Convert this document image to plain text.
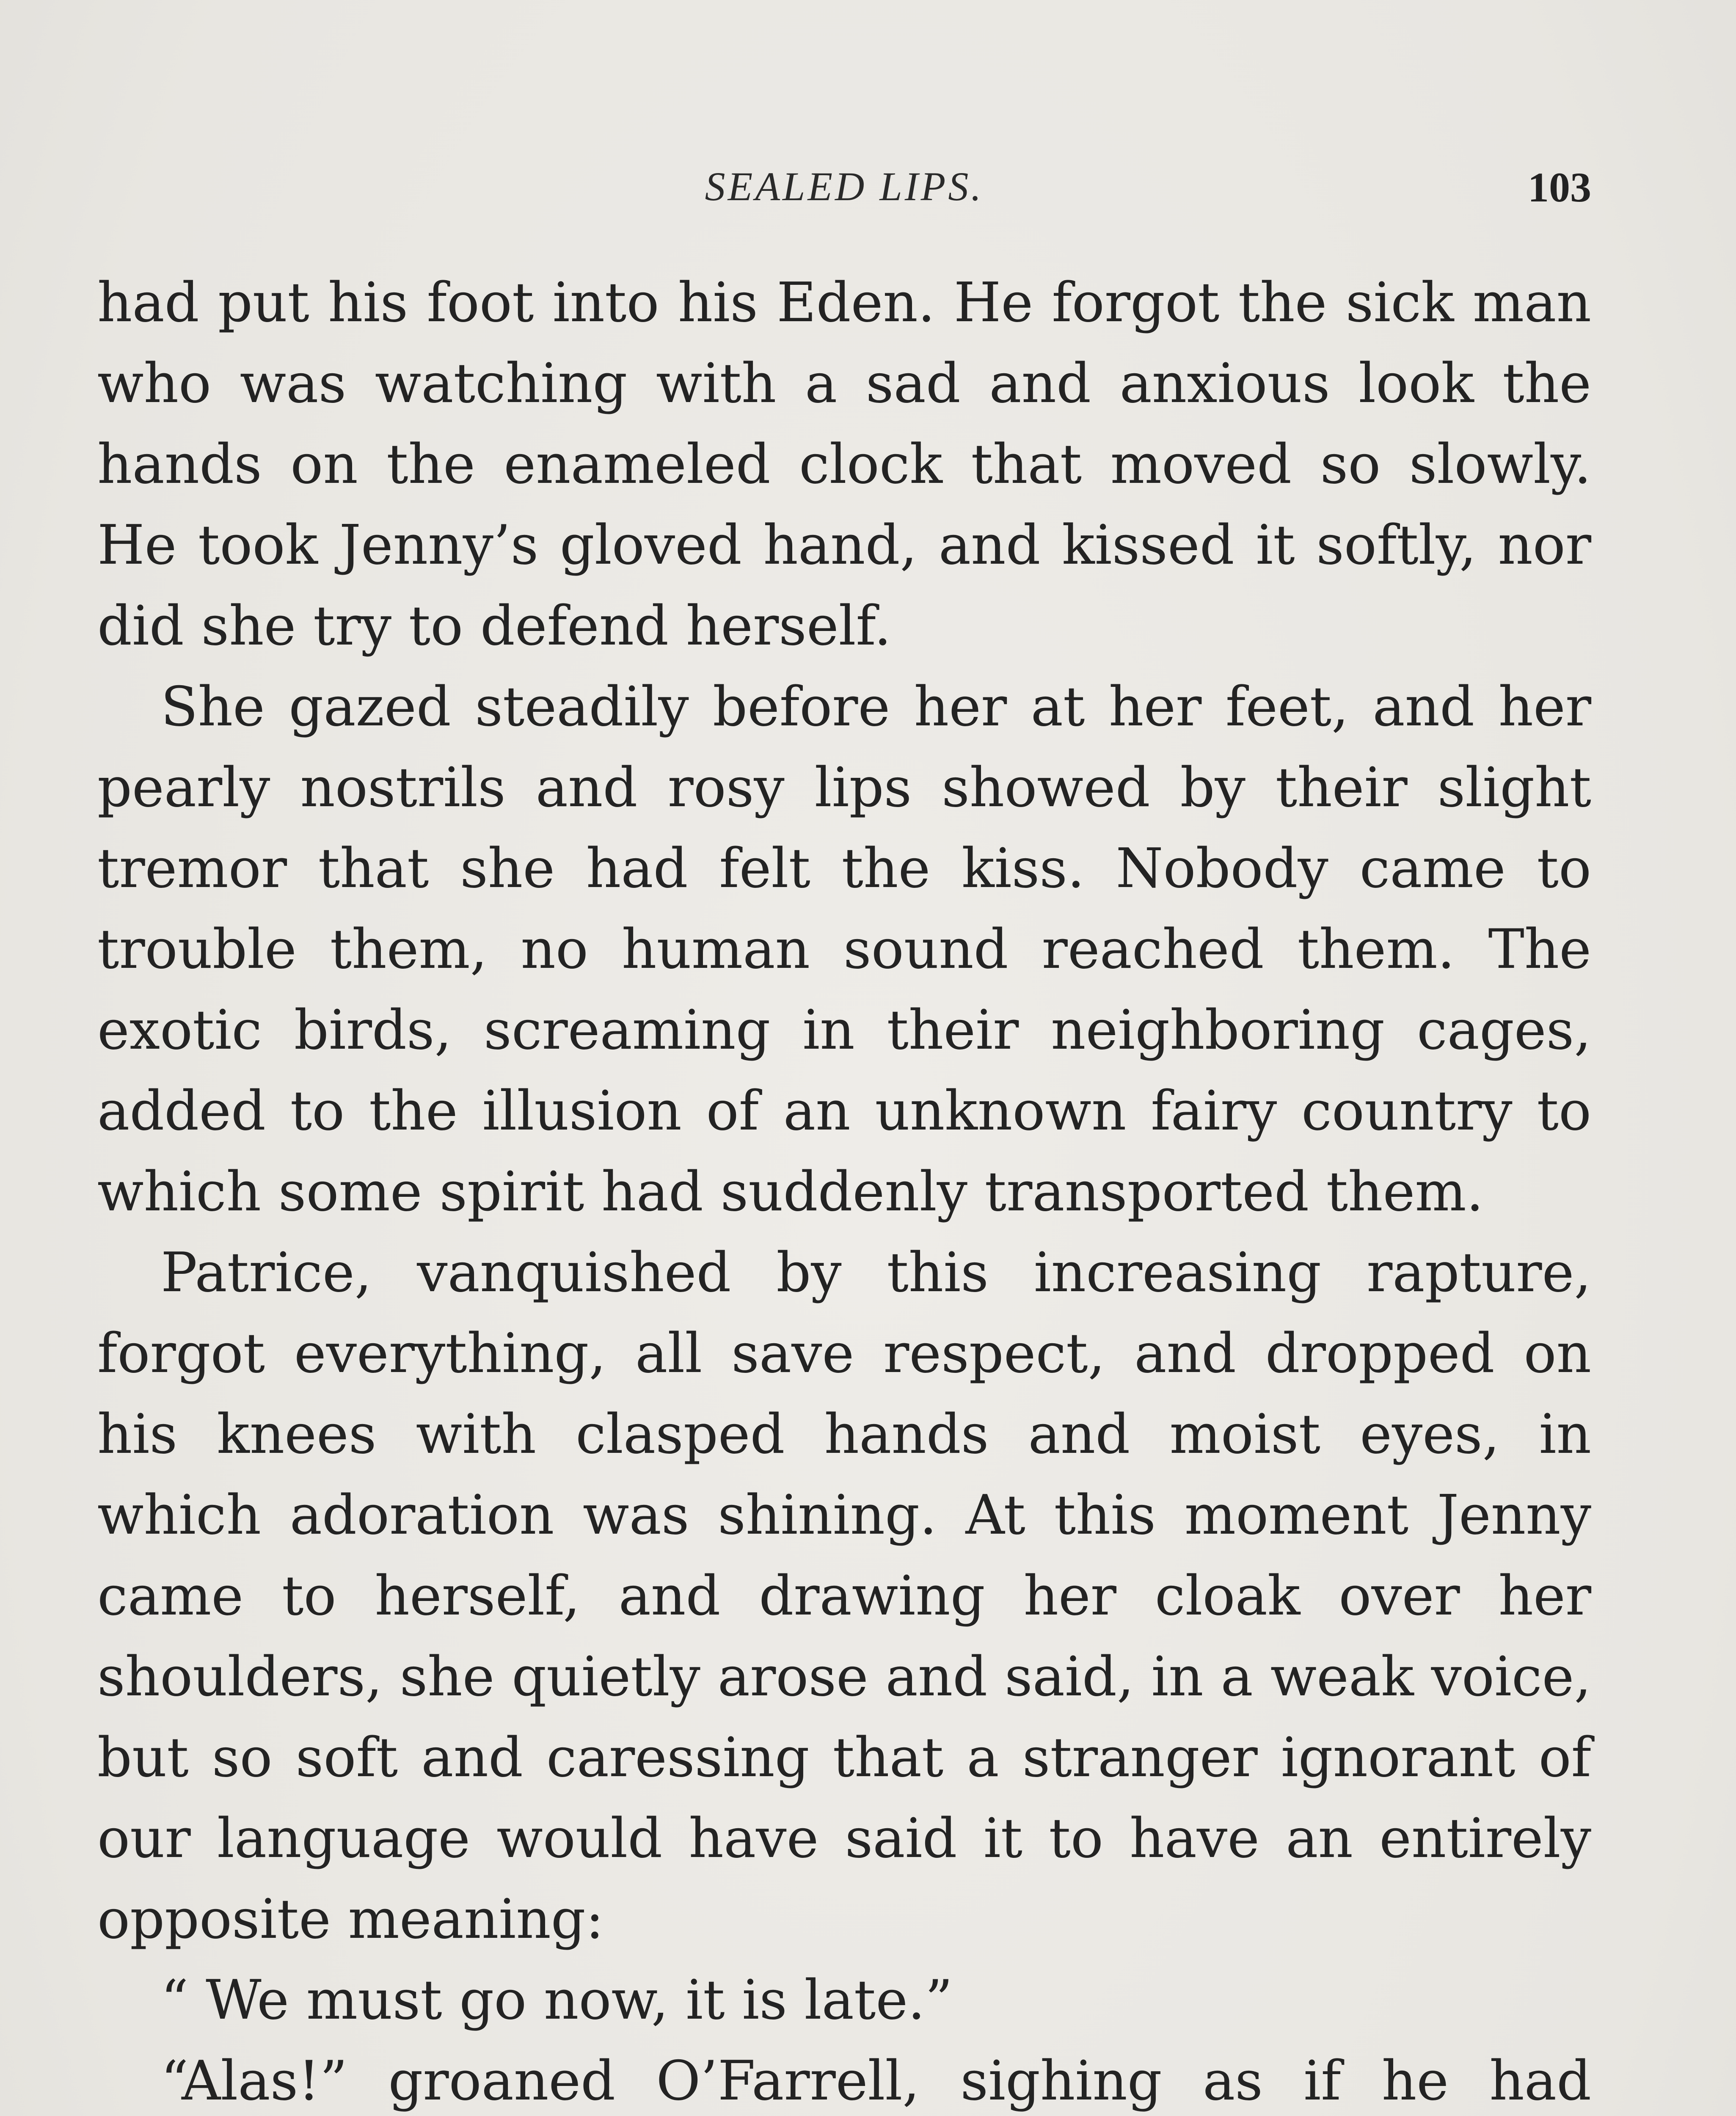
SEALED LIPS.	103

had put his foot into his Eden. He forgot the sick man who was watching with a sad and anxious look the hands on the enameled clock that moved so slowly. He took Jenny’s gloved hand, and kissed it softly, nor did she try to defend herself.

She gazed steadily before her at her feet, and her pearly nostrils and rosy lips showed by their slight tremor that she had felt the kiss. Nobody came to trouble them, no human sound reached them. The exotic birds, screaming in their neighboring cages, added to the illusion of an unknown fairy country to which some spirit had suddenly transported them.

Patrice, vanquished by this increasing rapture, forgot everything, all save respect, and dropped on his knees with clasped hands and moist eyes, in which adoration was shining. At this moment Jenny came to herself, and drawing her cloak over her shoulders, she quietly arose and said, in a weak voice, but so soft and caressing that a stranger ignorant of our language would have said it to have an entirely opposite meaning:

“ We must go now, it is late.”

“Alas!” groaned O’Farrell, sighing as if he had
